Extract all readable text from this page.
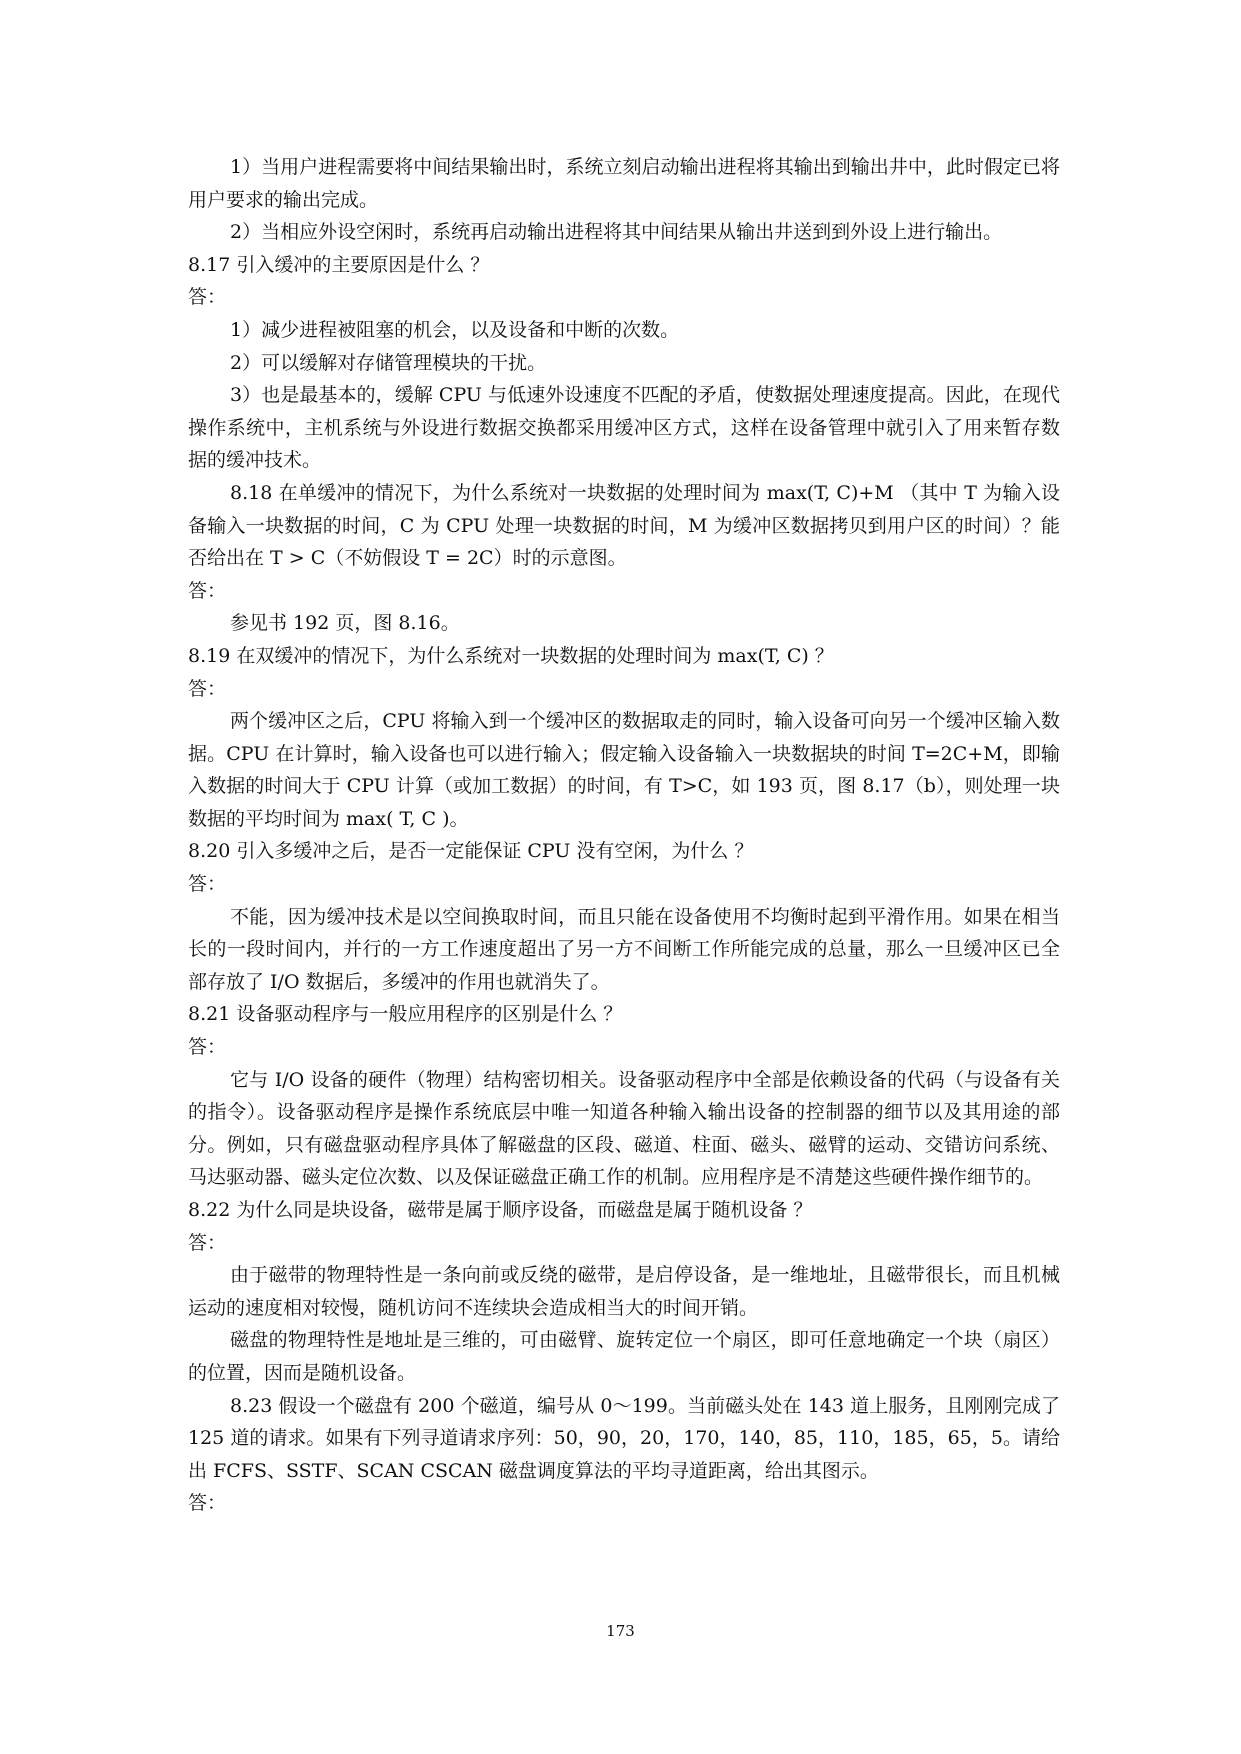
1）当用户进程需要将中间结果输出时，系统立刻启动输出进程将其输出到输出井中，此时假定已将用户要求的输出完成。

2）当相应外设空闲时，系统再启动输出进程将其中间结果从输出井送到到外设上进行输出。

8.17 引入缓冲的主要原因是什么 ？

答：

1）减少进程被阻塞的机会，以及设备和中断的次数。

2）可以缓解对存储管理模块的干扰。

3）也是最基本的，缓解 CPU 与低速外设速度不匹配的矛盾，使数据处理速度提高。因此，在现代操作系统中，主机系统与外设进行数据交换都采用缓冲区方式，这样在设备管理中就引入了用来暂存数据的缓冲技术。

8.18 在单缓冲的情况下，为什么系统对一块数据的处理时间为 max(T, C)+M （其中 T 为输入设备输入一块数据的时间，C 为 CPU 处理一块数据的时间，M 为缓冲区数据拷贝到用户区的时间）？能否给出在 T > C（不妨假设 T = 2C）时的示意图。

答：

参见书 192 页，图 8.16。

8.19 在双缓冲的情况下，为什么系统对一块数据的处理时间为 max(T, C) ？

答：

两个缓冲区之后，CPU 将输入到一个缓冲区的数据取走的同时，输入设备可向另一个缓冲区输入数据。CPU 在计算时，输入设备也可以进行输入；假定输入设备输入一块数据块的时间 T=2C+M，即输入数据的时间大于 CPU 计算（或加工数据）的时间，有 T>C，如 193 页，图 8.17（b），则处理一块数据的平均时间为 max( T, C )。

8.20 引入多缓冲之后，是否一定能保证 CPU 没有空闲，为什么 ？

答：

不能，因为缓冲技术是以空间换取时间，而且只能在设备使用不均衡时起到平滑作用。如果在相当长的一段时间内，并行的一方工作速度超出了另一方不间断工作所能完成的总量，那么一旦缓冲区已全部存放了 I/O 数据后，多缓冲的作用也就消失了。

8.21 设备驱动程序与一般应用程序的区别是什么 ？

答：

它与 I/O 设备的硬件（物理）结构密切相关。设备驱动程序中全部是依赖设备的代码（与设备有关的指令）。设备驱动程序是操作系统底层中唯一知道各种输入输出设备的控制器的细节以及其用途的部分。例如，只有磁盘驱动程序具体了解磁盘的区段、磁道、柱面、磁头、磁臂的运动、交错访问系统、马达驱动器、磁头定位次数、以及保证磁盘正确工作的机制。应用程序是不清楚这些硬件操作细节的。

8.22 为什么同是块设备，磁带是属于顺序设备，而磁盘是属于随机设备 ？

答：

由于磁带的物理特性是一条向前或反绕的磁带，是启停设备，是一维地址，且磁带很长，而且机械运动的速度相对较慢，随机访问不连续块会造成相当大的时间开销。

磁盘的物理特性是地址是三维的，可由磁臂、旋转定位一个扇区，即可任意地确定一个块（扇区）的位置，因而是随机设备。

8.23 假设一个磁盘有 200 个磁道，编号从 0～199。当前磁头处在 143 道上服务，且刚刚完成了 125 道的请求。如果有下列寻道请求序列：50，90，20，170，140，85，110，185，65，5。请给出 FCFS、SSTF、SCAN CSCAN 磁盘调度算法的平均寻道距离，给出其图示。

答：

173
